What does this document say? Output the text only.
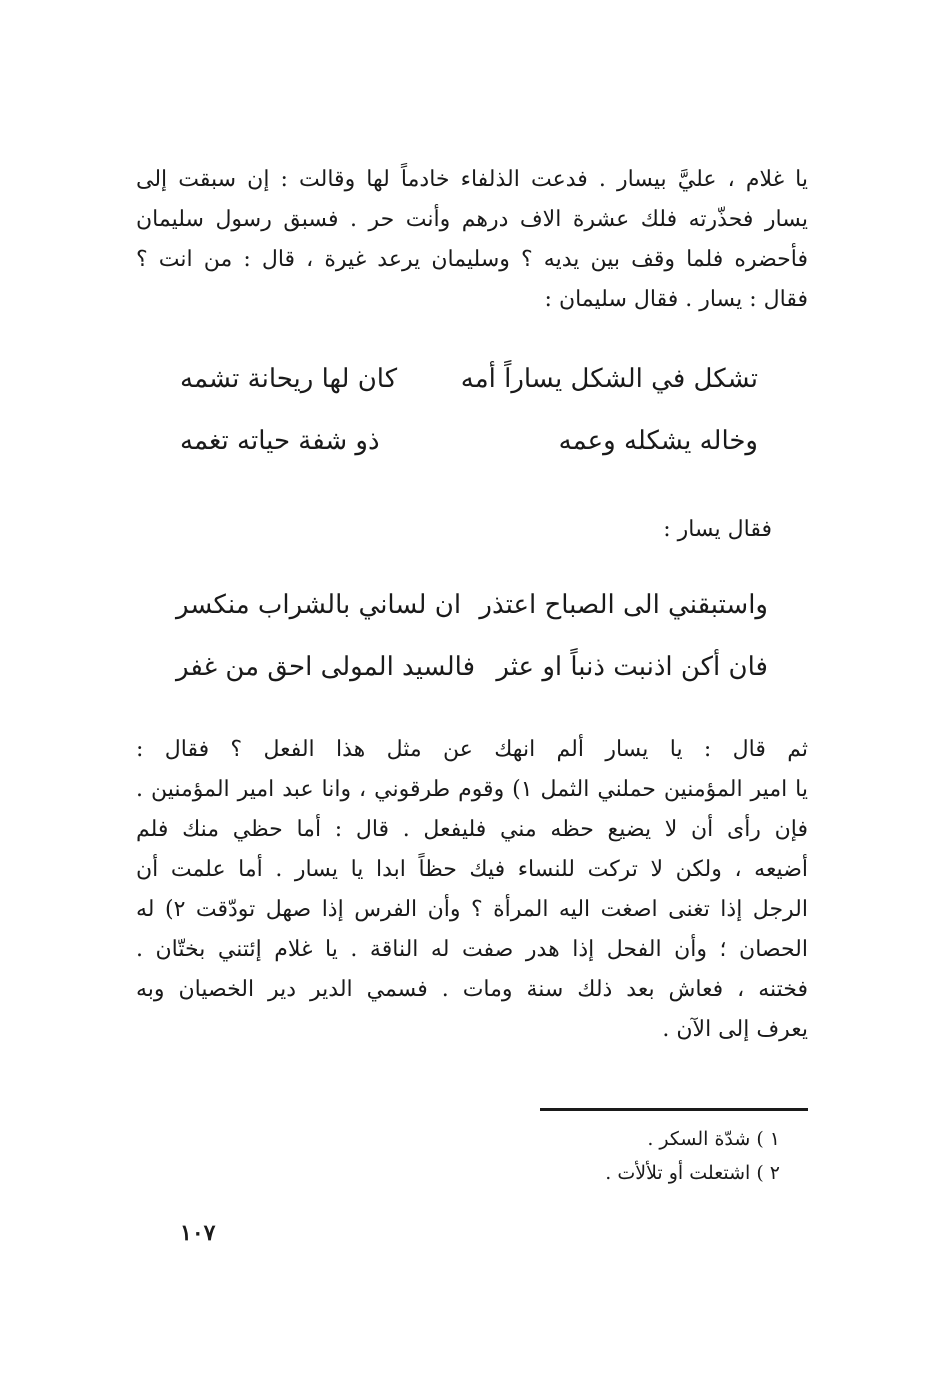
يا غلام ، عليَّ بيسار . فدعت الذلفاء خادماً لها وقالت : إن سبقت إلى
يسار فحذّرته فلك عشرة الاف درهم وأنت حر . فسبق رسول سليمان
فأحضره فلما وقف بين يديه ؟ وسليمان يرعد غيرة ، قال : من انت ؟
فقال : يسار . فقال سليمان :
تشكل في الشكل يساراً أمه
كان لها ريحانة تشمه
وخاله يشكله وعمه
ذو شفة حياته تغمه
فقال يسار :
واستبقني الى الصباح اعتذر
ان لساني بالشراب منكسر
فان أكن اذنبت ذنباً او عثر
فالسيد المولى احق من غفر
ثم قال : يا يسار ألم انهك عن مثل هذا الفعل ؟ فقال :
يا امير المؤمنين حملني الثمل ١) وقوم طرقوني ، وانا عبد امير المؤمنين .
فإن رأى أن لا يضيع حظه مني فليفعل . قال : أما حظي منك فلم
أضيعه ، ولكن لا تركت للنساء فيك حظاً ابدا يا يسار . أما علمت أن
الرجل إذا تغنى اصغت اليه المرأة ؟ وأن الفرس إذا صهل تودّقت ٢) له
الحصان ؛ وأن الفحل إذا هدر صفت له الناقة . يا غلام إئتني بختّان .
فختنه ، فعاش بعد ذلك سنة ومات . فسمي الدير دير الخصيان وبه
يعرف إلى الآن .
١ ) شدّة السكر .
٢ ) اشتعلت أو تلألأت .
١٠٧
